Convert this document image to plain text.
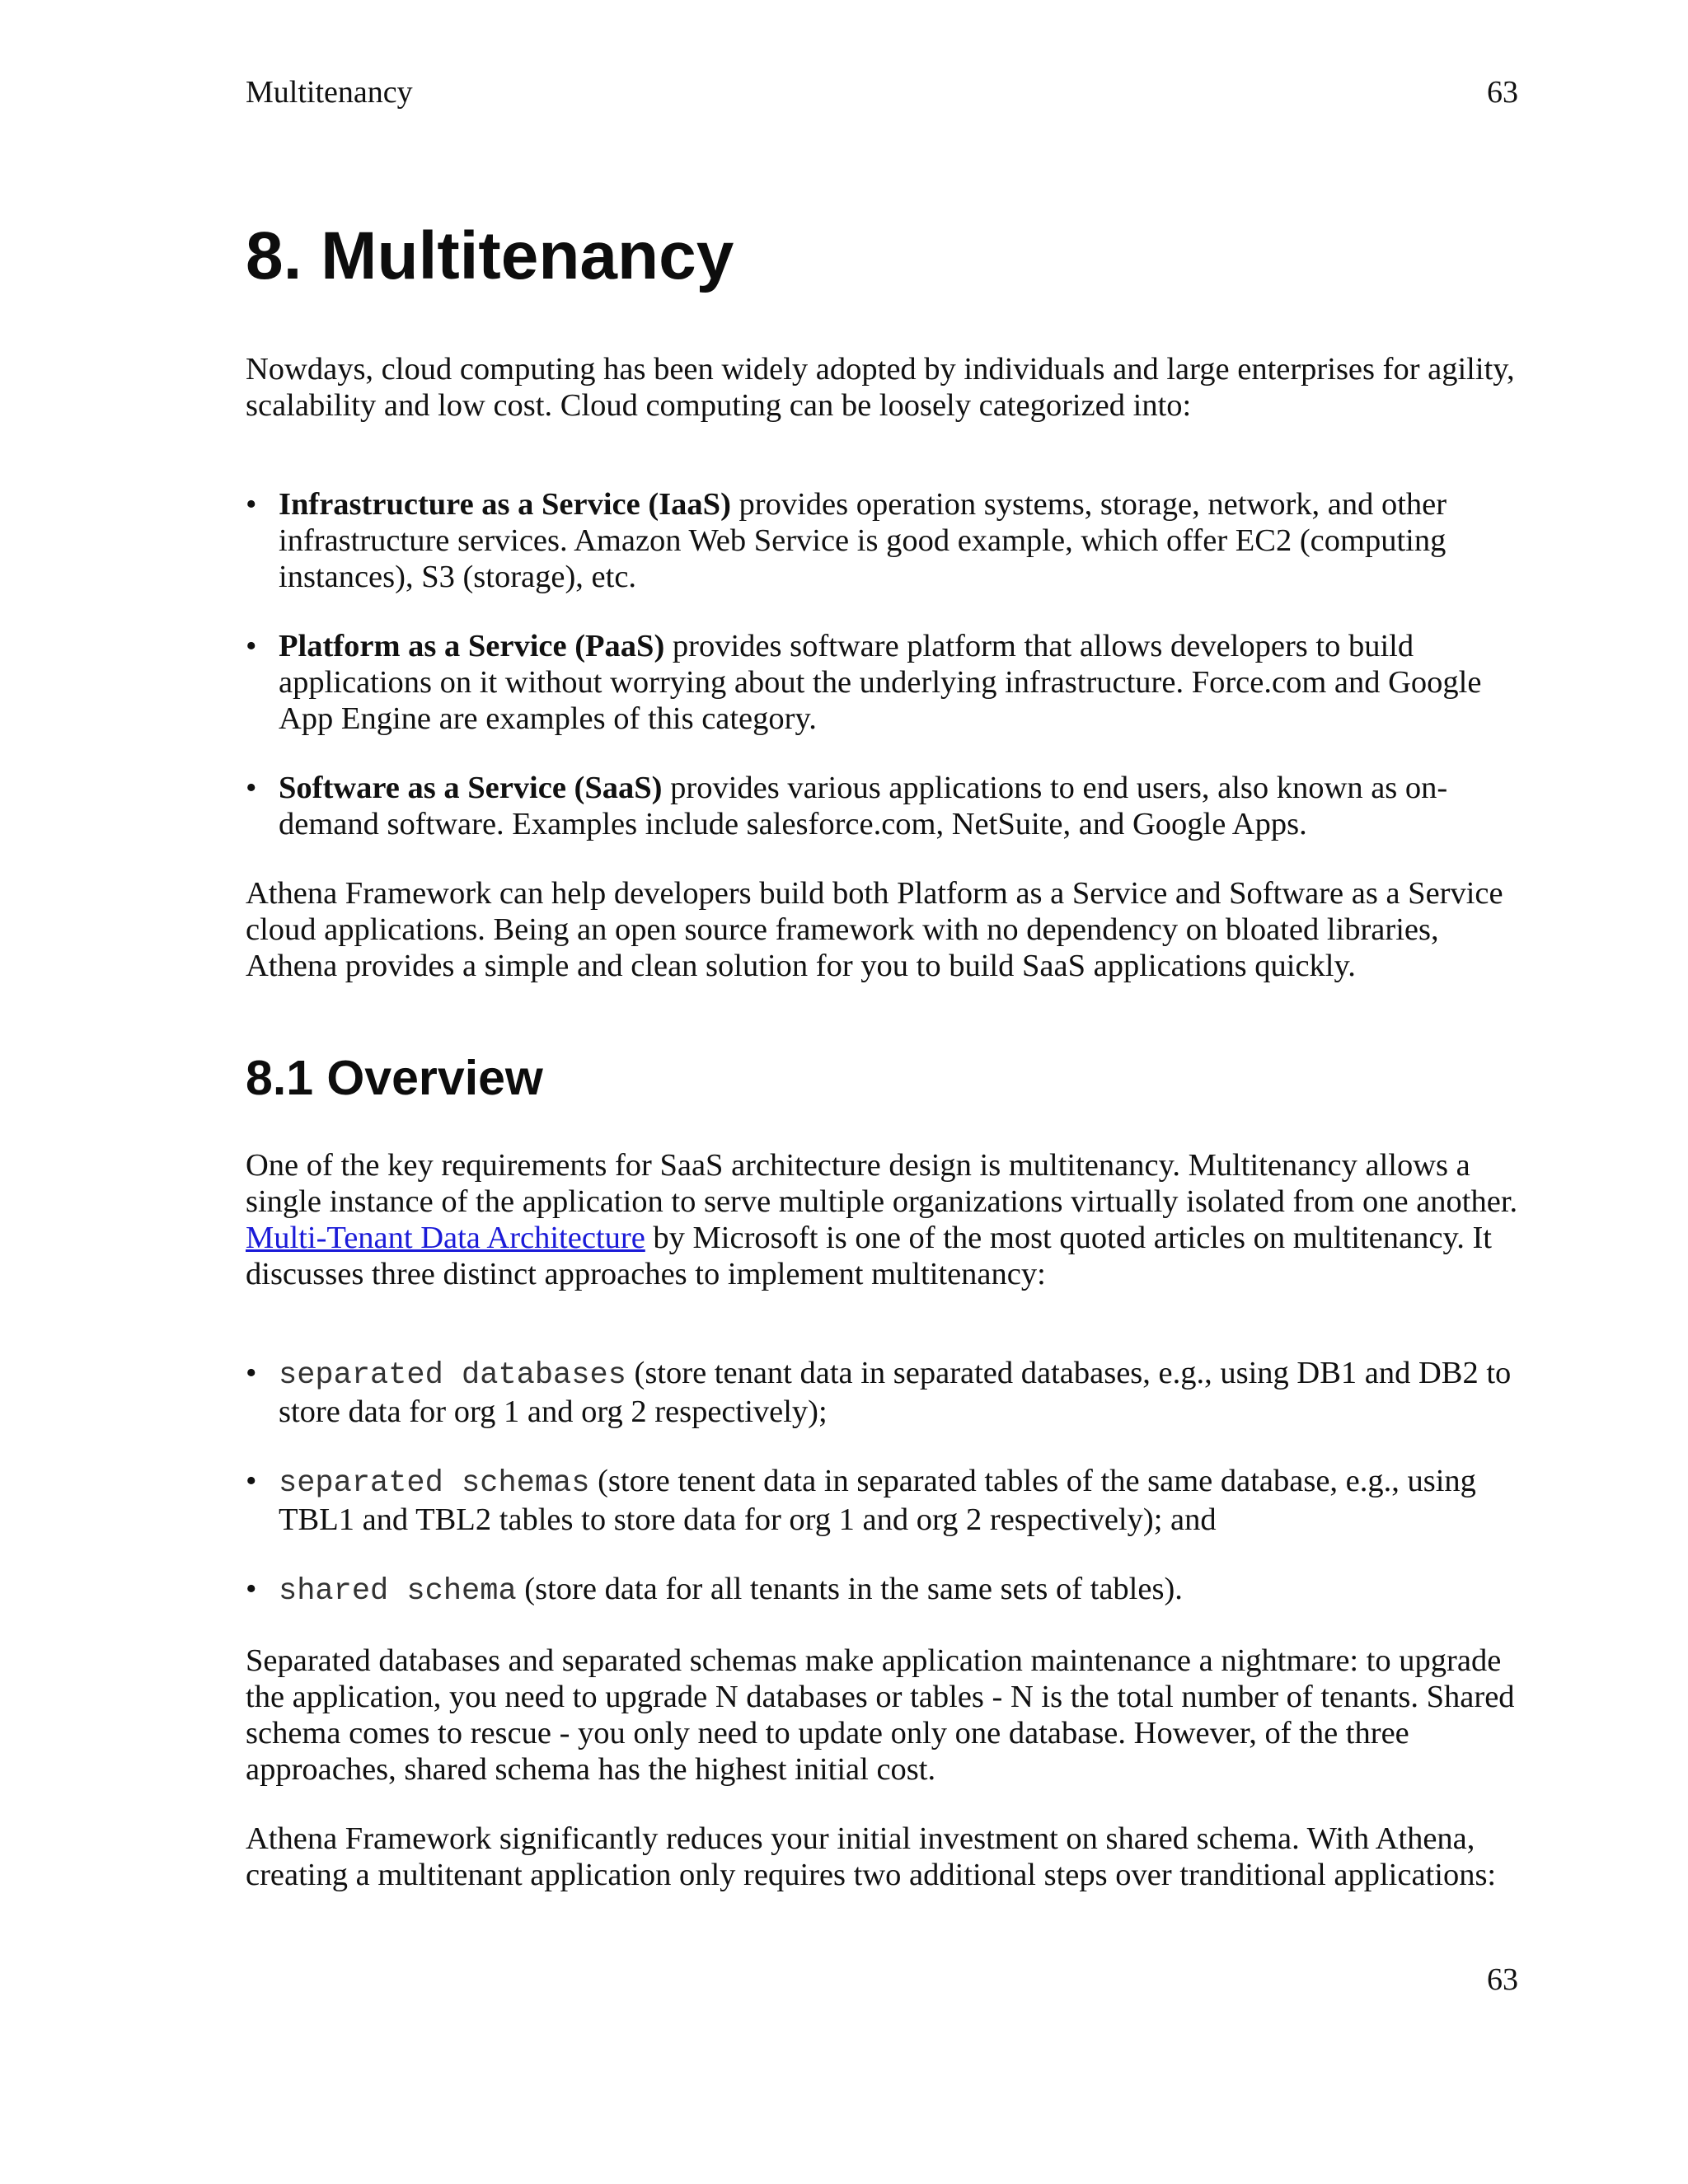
Multitenancy	63
8. Multitenancy

Nowdays, cloud computing has been widely adopted by individuals and large enterprises for agility, scalability and low cost. Cloud computing can be loosely categorized into:

• Infrastructure as a Service (IaaS) provides operation systems, storage, network, and other infrastructure services. Amazon Web Service is good example, which offer EC2 (computing instances), S3 (storage), etc.
• Platform as a Service (PaaS) provides software platform that allows developers to build applications on it without worrying about the underlying infrastructure. Force.com and Google App Engine are examples of this category.
• Software as a Service (SaaS) provides various applications to end users, also known as on-demand software. Examples include salesforce.com, NetSuite, and Google Apps.

Athena Framework can help developers build both Platform as a Service and Software as a Service cloud applications. Being an open source framework with no dependency on bloated libraries, Athena provides a simple and clean solution for you to build SaaS applications quickly.

8.1 Overview

One of the key requirements for SaaS architecture design is multitenancy. Multitenancy allows a single instance of the application to serve multiple organizations virtually isolated from one another. Multi-Tenant Data Architecture by Microsoft is one of the most quoted articles on multitenancy. It discusses three distinct approaches to implement multitenancy:

• separated databases (store tenant data in separated databases, e.g., using DB1 and DB2 to store data for org 1 and org 2 respectively);
• separated schemas (store tenent data in separated tables of the same database, e.g., using TBL1 and TBL2 tables to store data for org 1 and org 2 respectively); and
• shared schema (store data for all tenants in the same sets of tables).

Separated databases and separated schemas make application maintenance a nightmare: to upgrade the application, you need to upgrade N databases or tables - N is the total number of tenants. Shared schema comes to rescue - you only need to update only one database. However, of the three approaches, shared schema has the highest initial cost.

Athena Framework significantly reduces your initial investment on shared schema. With Athena, creating a multitenant application only requires two additional steps over tranditional applications:

63
